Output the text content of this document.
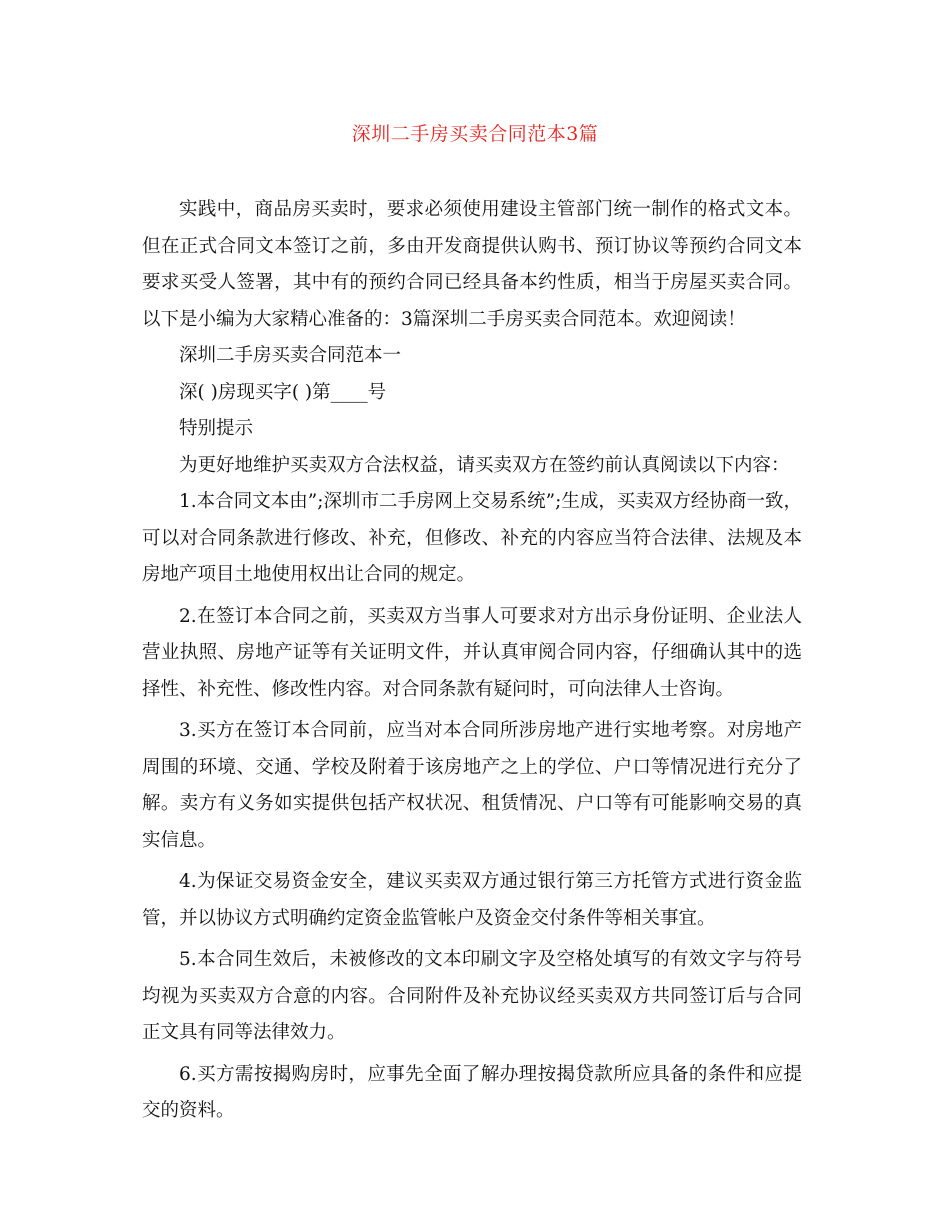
深圳二手房买卖合同范本3篇

实践中，商品房买卖时，要求必须使用建设主管部门统一制作的格式文本。但在正式合同文本签订之前，多由开发商提供认购书、预订协议等预约合同文本要求买受人签署，其中有的预约合同已经具备本约性质，相当于房屋买卖合同。以下是小编为大家精心准备的：3篇深圳二手房买卖合同范本。欢迎阅读！

深圳二手房买卖合同范本一

深( )房现买字( )第____号

特别提示

为更好地维护买卖双方合法权益，请买卖双方在签约前认真阅读以下内容：

1.本合同文本由”;深圳市二手房网上交易系统”;生成，买卖双方经协商一致，可以对合同条款进行修改、补充，但修改、补充的内容应当符合法律、法规及本房地产项目土地使用权出让合同的规定。

2.在签订本合同之前，买卖双方当事人可要求对方出示身份证明、企业法人营业执照、房地产证等有关证明文件，并认真审阅合同内容，仔细确认其中的选择性、补充性、修改性内容。对合同条款有疑问时，可向法律人士咨询。

3.买方在签订本合同前，应当对本合同所涉房地产进行实地考察。对房地产周围的环境、交通、学校及附着于该房地产之上的学位、户口等情况进行充分了解。卖方有义务如实提供包括产权状况、租赁情况、户口等有可能影响交易的真实信息。

4.为保证交易资金安全，建议买卖双方通过银行第三方托管方式进行资金监管，并以协议方式明确约定资金监管帐户及资金交付条件等相关事宜。

5.本合同生效后，未被修改的文本印刷文字及空格处填写的有效文字与符号均视为买卖双方合意的内容。合同附件及补充协议经买卖双方共同签订后与合同正文具有同等法律效力。

6.买方需按揭购房时，应事先全面了解办理按揭贷款所应具备的条件和应提交的资料。
